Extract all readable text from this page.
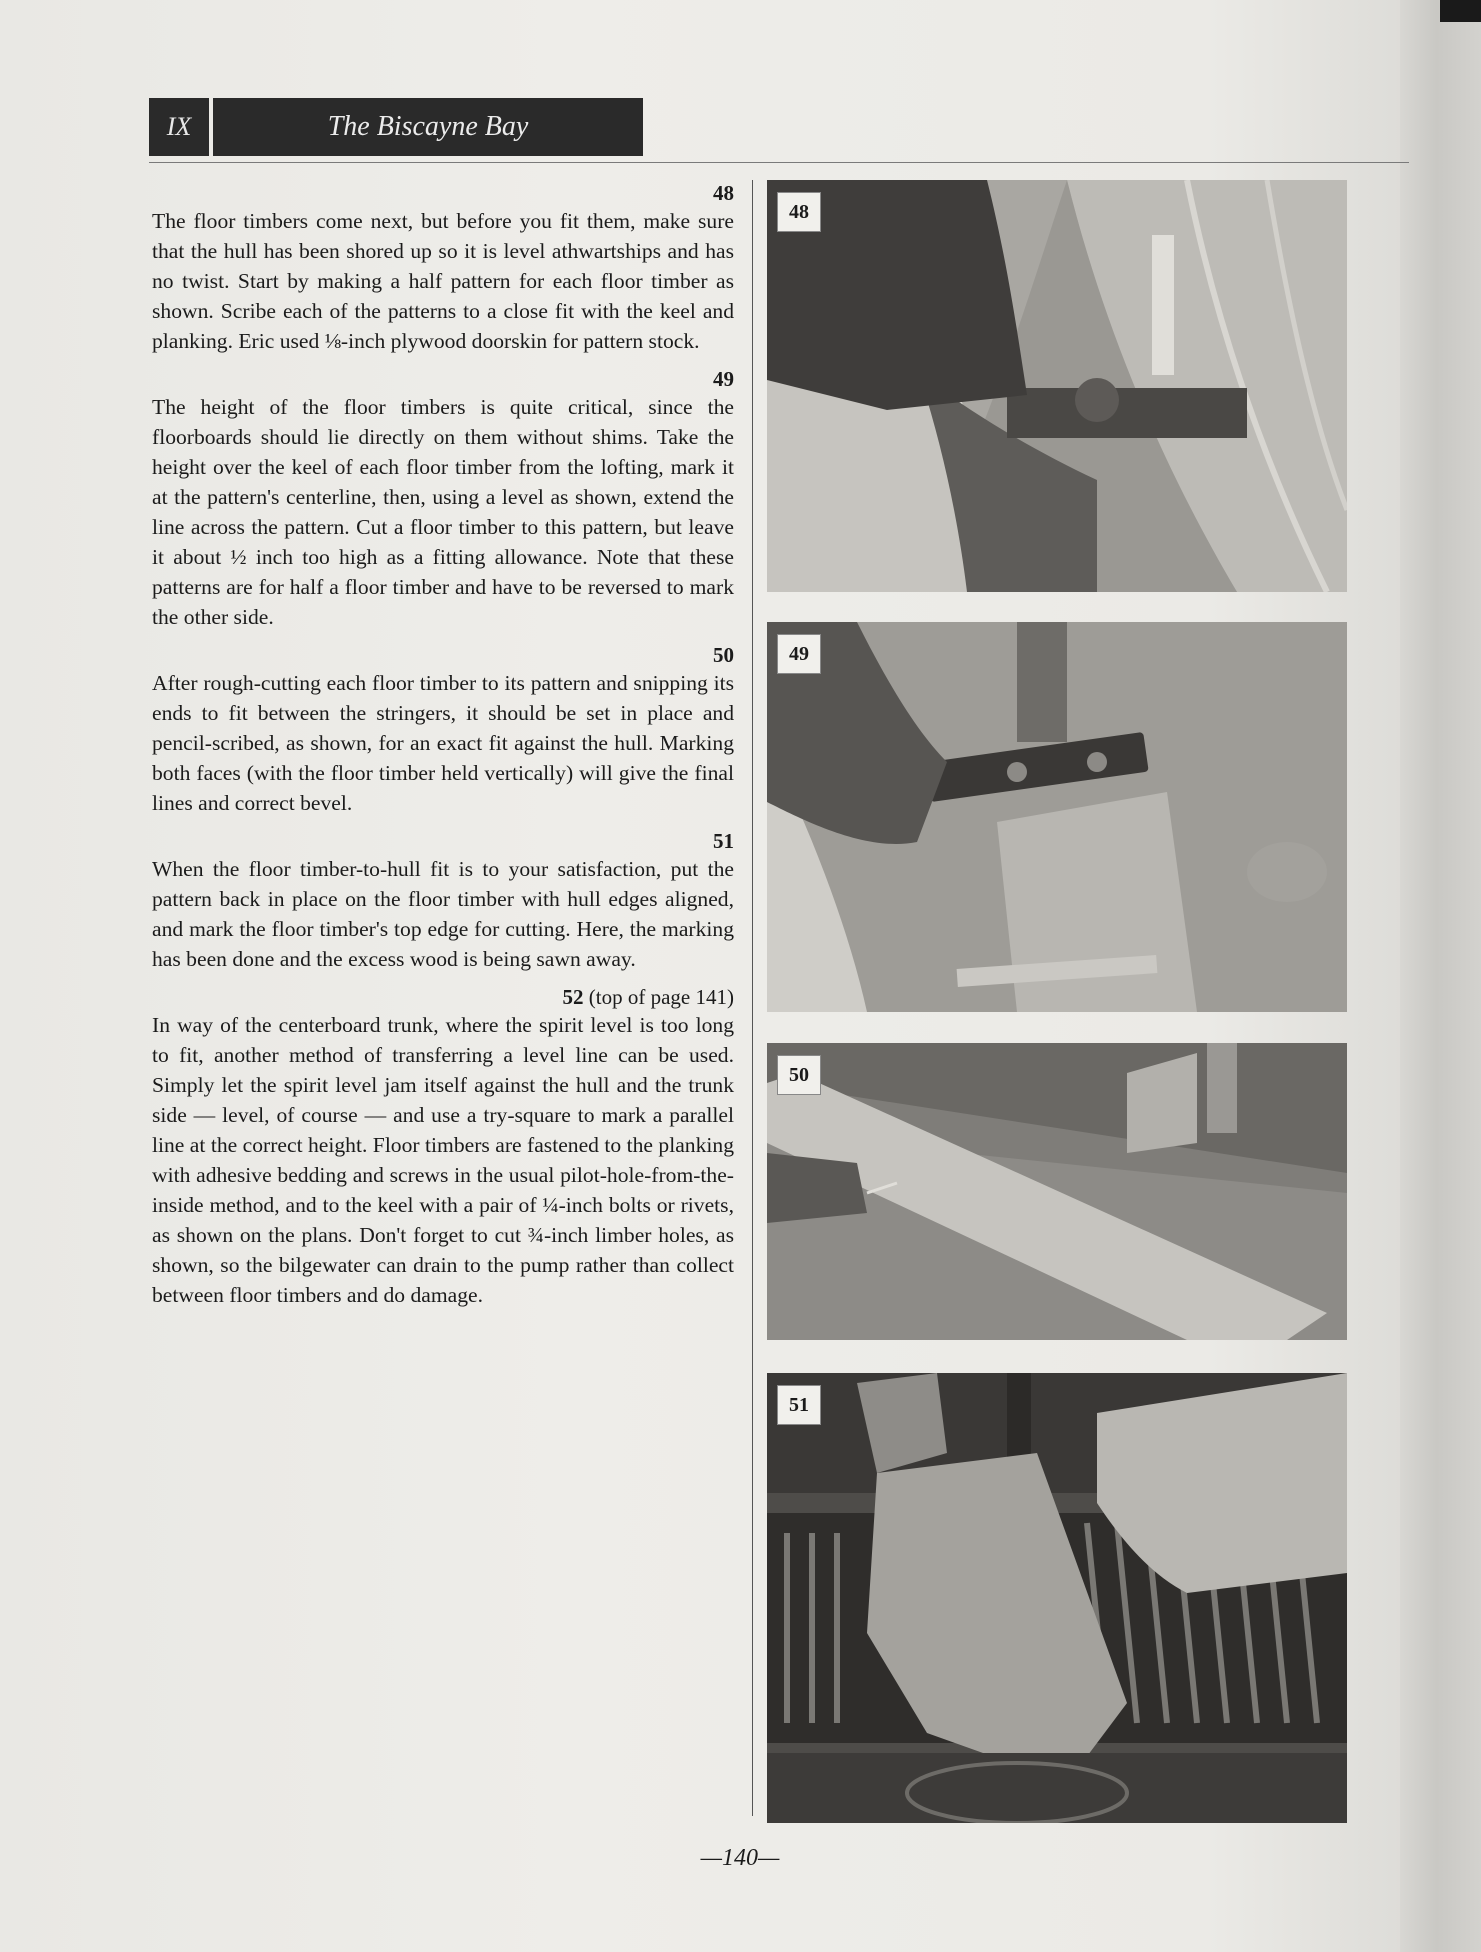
IX	The Biscayne Bay
48

The floor timbers come next, but before you fit them, make sure that the hull has been shored up so it is level athwartships and has no twist. Start by making a half pattern for each floor timber as shown. Scribe each of the patterns to a close fit with the keel and planking. Eric used ⅛-inch plywood doorskin for pattern stock.

49

The height of the floor timbers is quite critical, since the floorboards should lie directly on them without shims. Take the height over the keel of each floor timber from the lofting, mark it at the pattern's centerline, then, using a level as shown, extend the line across the pattern. Cut a floor timber to this pattern, but leave it about ½ inch too high as a fitting allowance. Note that these patterns are for half a floor timber and have to be reversed to mark the other side.

50

After rough-cutting each floor timber to its pattern and snipping its ends to fit between the stringers, it should be set in place and pencil-scribed, as shown, for an exact fit against the hull. Marking both faces (with the floor timber held vertically) will give the final lines and correct bevel.

51

When the floor timber-to-hull fit is to your satisfaction, put the pattern back in place on the floor timber with hull edges aligned, and mark the floor timber's top edge for cutting. Here, the marking has been done and the excess wood is being sawn away.

52 (top of page 141)

In way of the centerboard trunk, where the spirit level is too long to fit, another method of transferring a level line can be used. Simply let the spirit level jam itself against the hull and the trunk side — level, of course — and use a try-square to mark a parallel line at the correct height. Floor timbers are fastened to the planking with adhesive bedding and screws in the usual pilot-hole-from-the-inside method, and to the keel with a pair of ¼-inch bolts or rivets, as shown on the plans. Don't forget to cut ¾-inch limber holes, as shown, so the bilgewater can drain to the pump rather than collect between floor timbers and do damage.

48
49
50
51
—140—
